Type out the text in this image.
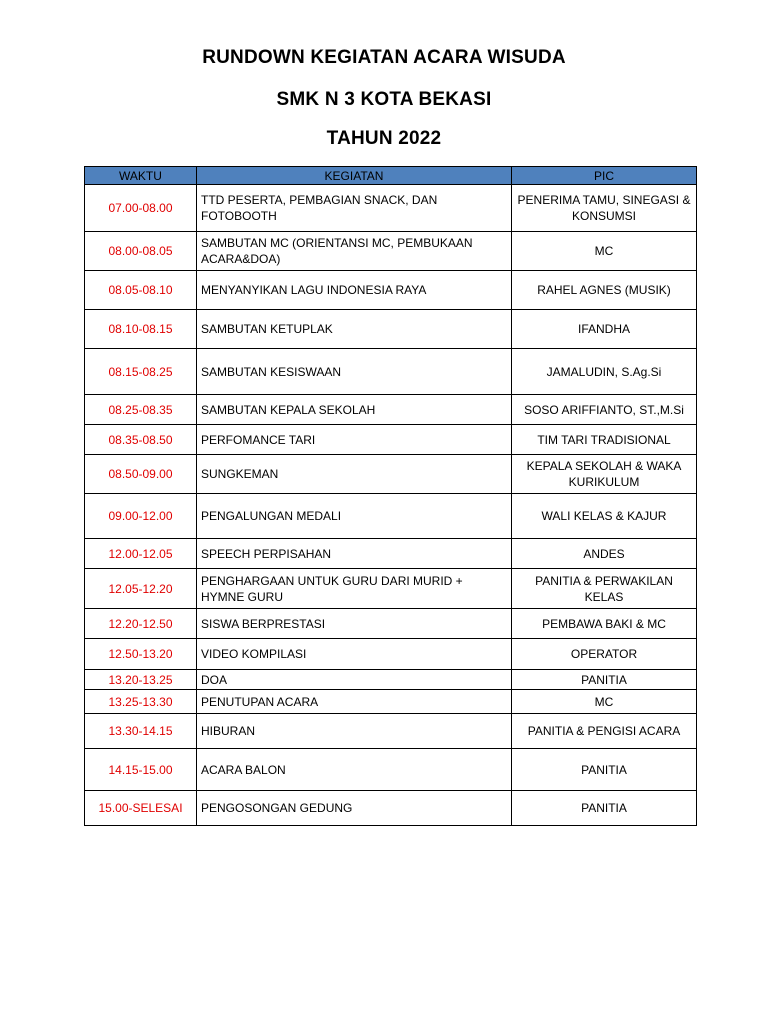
RUNDOWN KEGIATAN ACARA WISUDA
SMK N 3 KOTA BEKASI
TAHUN 2022
WAKTU	KEGIATAN	PIC
07.00-08.00	TTD PESERTA, PEMBAGIAN SNACK, DAN FOTOBOOTH	PENERIMA TAMU, SINEGASI & KONSUMSI
08.00-08.05	SAMBUTAN MC (ORIENTANSI MC, PEMBUKAAN ACARA&DOA)	MC
08.05-08.10	MENYANYIKAN LAGU INDONESIA RAYA	RAHEL AGNES (MUSIK)
08.10-08.15	SAMBUTAN KETUPLAK	IFANDHA
08.15-08.25	SAMBUTAN KESISWAAN	JAMALUDIN, S.Ag.Si
08.25-08.35	SAMBUTAN KEPALA SEKOLAH	SOSO ARIFFIANTO, ST.,M.Si
08.35-08.50	PERFOMANCE TARI	TIM TARI TRADISIONAL
08.50-09.00	SUNGKEMAN	KEPALA SEKOLAH & WAKA KURIKULUM
09.00-12.00	PENGALUNGAN MEDALI	WALI KELAS & KAJUR
12.00-12.05	SPEECH PERPISAHAN	ANDES
12.05-12.20	PENGHARGAAN UNTUK GURU DARI MURID + HYMNE GURU	PANITIA & PERWAKILAN KELAS
12.20-12.50	SISWA BERPRESTASI	PEMBAWA BAKI & MC
12.50-13.20	VIDEO KOMPILASI	OPERATOR
13.20-13.25	DOA	PANITIA
13.25-13.30	PENUTUPAN ACARA	MC
13.30-14.15	HIBURAN	PANITIA & PENGISI ACARA
14.15-15.00	ACARA BALON	PANITIA
15.00-SELESAI	PENGOSONGAN GEDUNG	PANITIA
